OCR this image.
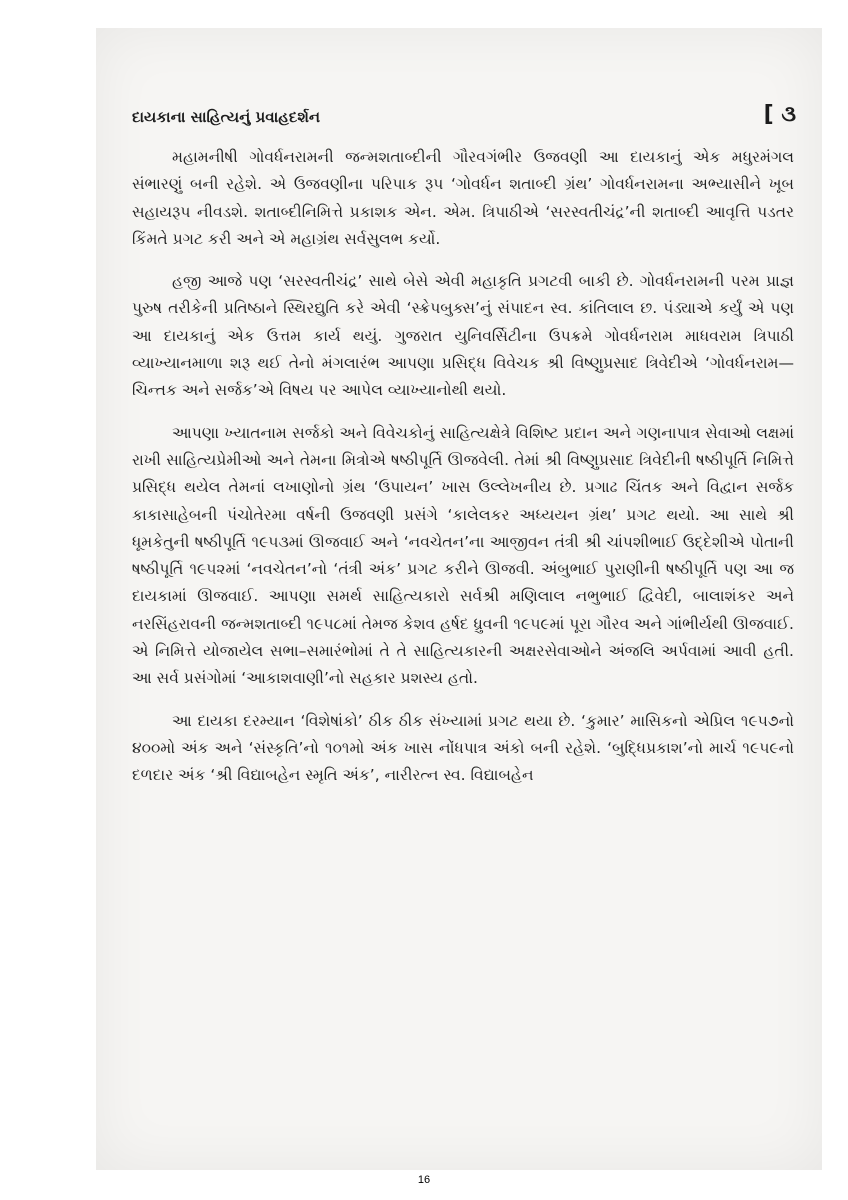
દાયકાના સાહિત્યનું પ્રવાહદર્શન	[ ૩

મહામનીષી ગોવર્ધનરામની જન્મશતાબ્દીની ગૌરવગંભીર ઉજવણી આ દાયકાનું એક મધુરમંગલ સંભારણું બની રહેશે. એ ઉજવણીના પરિપાક રૂપ ‘ગોવર્ધન શતાબ્દી ગ્રંથ’ ગોવર્ધનરામના અભ્યાસીને ખૂબ સહાયરૂપ નીવડશે. શતાબ્દીનિમિત્તે પ્રકાશક એન. એમ. ત્રિપાઠીએ ‘સરસ્વતીચંદ્ર’ની શતાબ્દી આવૃત્તિ પડતર કિંમતે પ્રગટ કરી અને એ મહાગ્રંથ સર્વસુલભ કર્યો.

હજી આજે પણ ‘સરસ્વતીચંદ્ર’ સાથે બેસે એવી મહાકૃતિ પ્રગટવી બાકી છે. ગોવર્ધનરામની પરમ પ્રાજ્ઞ પુરુષ તરીકેની પ્રતિષ્ઠાને સ્થિરદ્યુતિ કરે એવી ‘સ્ક્રેપબુક્સ’નું સંપાદન સ્વ. કાંતિલાલ છ. પંડ્યાએ કર્યું એ પણ આ દાયકાનું એક ઉત્તમ કાર્ય થયું. ગુજરાત યુનિવર્સિટીના ઉપક્રમે ગોવર્ધનરામ માધવરામ ત્રિપાઠી વ્યાખ્યાનમાળા શરૂ થઈ તેનો મંગલારંભ આપણા પ્રસિદ્ધ વિવેચક શ્રી વિષ્ણુપ્રસાદ ત્રિવેદીએ ‘ગોવર્ધનરામ—ચિન્તક અને સર્જક’એ વિષય પર આપેલ વ્યાખ્યાનોથી થયો.

આપણા ખ્યાતનામ સર્જકો અને વિવેચકોનું સાહિત્યક્ષેત્રે વિશિષ્ટ પ્રદાન અને ગણનાપાત્ર સેવાઓ લક્ષમાં રાખી સાહિત્યપ્રેમીઓ અને તેમના મિત્રોએ ષષ્ઠીપૂર્તિ ઊજવેલી. તેમાં શ્રી વિષ્ણુપ્રસાદ ત્રિવેદીની ષષ્ઠીપૂર્તિ નિમિત્તે પ્રસિદ્ધ થયેલ તેમનાં લખાણોનો ગ્રંથ ‘ઉપાયન’ ખાસ ઉલ્લેખનીય છે. પ્રગાઢ ચિંતક અને વિદ્વાન સર્જક કાકાસાહેબની પંચોતેરમા વર્ષની ઉજવણી પ્રસંગે ‘કાલેલકર અધ્યયન ગ્રંથ’ પ્રગટ થયો. આ સાથે શ્રી ધૂમકેતુની ષષ્ઠીપૂર્તિ ૧૯૫૩માં ઊજવાઈ અને ‘નવચેતન’ના આજીવન તંત્રી શ્રી ચાંપશીભાઈ ઉદ્દેશીએ પોતાની ષષ્ઠીપૂર્તિ ૧૯૫૨માં ‘નવચેતન’નો ‘તંત્રી અંક’ પ્રગટ કરીને ઊજવી. અંબુભાઈ પુરાણીની ષષ્ઠીપૂર્તિ પણ આ જ દાયકામાં ઊજવાઈ. આપણા સમર્થ સાહિત્યકારો સર્વશ્રી મણિલાલ નભુભાઈ દ્વિવેદી, બાલાશંકર અને નરસિંહરાવની જન્મશતાબ્દી ૧૯૫૮માં તેમજ કેશવ હર્ષદ ધ્રુવની ૧૯૫૯માં પૂરા ગૌરવ અને ગાંભીર્યથી ઊજવાઈ. એ નિમિત્તે યોજાયેલ સભા–સમારંભોમાં તે તે સાહિત્યકારની અક્ષરસેવાઓને અંજલિ અર્પવામાં આવી હતી. આ સર્વ પ્રસંગોમાં ‘આકાશવાણી’નો સહકાર પ્રશસ્ય હતો.

આ દાયકા દરમ્યાન ‘વિશેષાંકો’ ઠીક ઠીક સંખ્યામાં પ્રગટ થયા છે. ‘કુમાર’ માસિકનો એપ્રિલ ૧૯૫૭નો ૪૦૦મો અંક અને ‘સંસ્કૃતિ’નો ૧૦૧મો અંક ખાસ નોંધપાત્ર અંકો બની રહેશે. ‘બુદ્ધિપ્રકાશ’નો માર્ચ ૧૯૫૯નો દળદાર અંક ‘શ્રી વિદ્યાબહેન સ્મૃતિ અંક’, નારીરત્ન સ્વ. વિદ્યાબહેન

16
